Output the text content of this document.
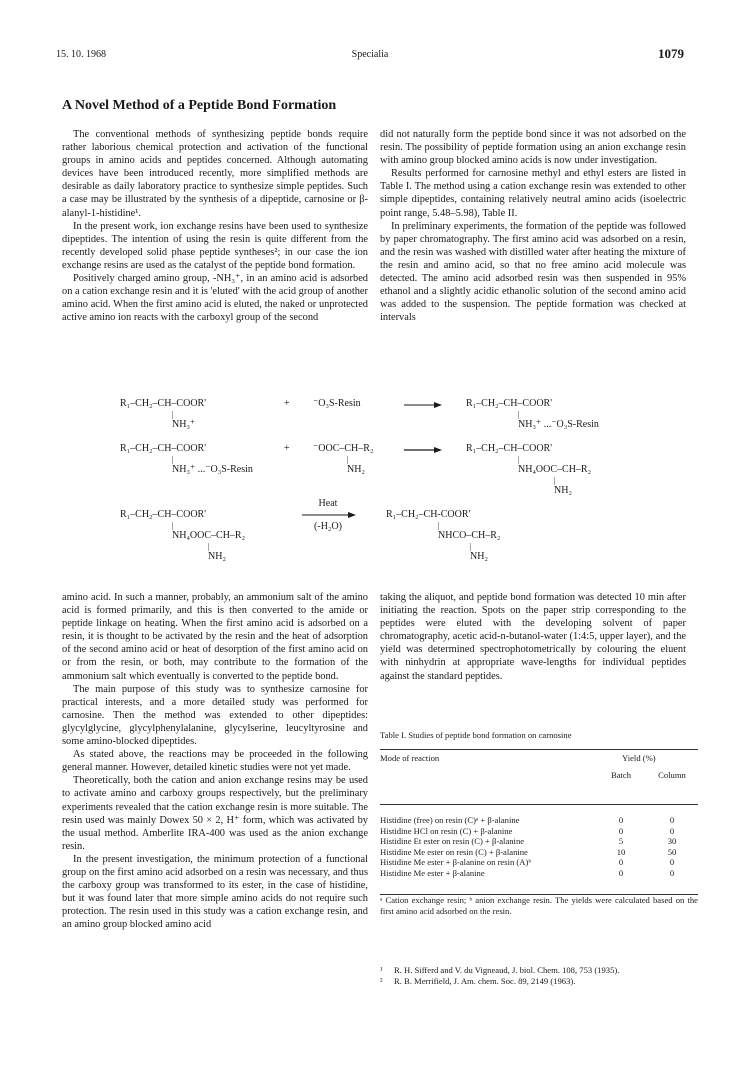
15. 10. 1968	Specialia	1079
A Novel Method of a Peptide Bond Formation

The conventional methods of synthesizing peptide bonds require rather laborious chemical protection and activation of the functional groups in amino acids and peptides concerned. Although automating devices have been introduced recently, more simplified methods are desirable as daily laboratory practice to synthesize simple peptides. Such a case may be illustrated by the synthesis of a dipeptide, carnosine or β-alanyl-1-histidine¹.

In the present work, ion exchange resins have been used to synthesize dipeptides. The intention of using the resin is quite different from the recently developed solid phase peptide syntheses²; in our case the ion exchange resins are used as the catalyst of the peptide bond formation.

Positively charged amino group, -NH₃⁺, in an amino acid is adsorbed on a cation exchange resin and it is 'eluted' with the acid group of another amino acid. When the first amino acid is eluted, the naked or unprotected active amino ion reacts with the carboxyl group of the second

did not naturally form the peptide bond since it was not adsorbed on the resin. The possibility of peptide formation using an anion exchange resin with amino group blocked amino acids is now under investigation.

Results performed for carnosine methyl and ethyl esters are listed in Table I. The method using a cation exchange resin was extended to other simple dipeptides, containing relatively neutral amino acids (isoelectric point range, 5.48–5.98), Table II.

In preliminary experiments, the formation of the peptide was followed by paper chromatography. The first amino acid was adsorbed on a resin, and the resin was washed with distilled water after heating the mixture of the resin and amino acid, so that no free amino acid molecule was detected. The amino acid adsorbed resin was then suspended in 95% ethanol and a slightly acidic ethanolic solution of the second amino acid was added to the suspension. The peptide formation was checked at intervals

R₁–CH₂–CH–COOR'
|
NH₃⁺
+ ⁻O₃S-Resin	R₁–CH₂–CH–COOR'
|
NH₃⁺ ...⁻O₃S-Resin
R₁–CH₂–CH–COOR'
|
NH₃⁺ ...⁻O₃S-Resin
+ ⁻OOC–CH–R₂
|
NH₂
R₁–CH₂–CH–COOR'
|
NH₄OOC–CH–R₂
|
NH₂
R₁–CH₂–CH–COOR'
|
NH₄OOC–CH–R₂
|
NH₂
Heat
(-H₂O)
R₁–CH₂–CH-COOR'
|
NHCO–CH–R₂
|
NH₂

amino acid. In such a manner, probably, an ammonium salt of the amino acid is formed primarily, and this is then converted to the amide or peptide linkage on heating. When the first amino acid is adsorbed on a resin, it is thought to be activated by the resin and the heat of adsorption of the second amino acid or heat of desorption of the first amino acid on or from the resin, or both, may contribute to the formation of the ammonium salt which eventually is converted to the peptide bond.

The main purpose of this study was to synthesize carnosine for practical interests, and a more detailed study was performed for carnosine. Then the method was extended to other dipeptides: glycylglycine, glycylphenylalanine, glycylserine, leucyltyrosine and some amino-blocked dipeptides.

As stated above, the reactions may be proceeded in the following general manner. However, detailed kinetic studies were not yet made.

Theoretically, both the cation and anion exchange resins may be used to activate amino and carboxy groups respectively, but the preliminary experiments revealed that the cation exchange resin is more suitable. The resin used was mainly Dowex 50 × 2, H⁺ form, which was activated by the usual method. Amberlite IRA-400 was used as the anion exchange resin.

In the present investigation, the minimum protection of a functional group on the first amino acid adsorbed on a resin was necessary, and thus the carboxy group was transformed to its ester, in the case of histidine, but it was found later that more simple amino acids do not require such protection. The resin used in this study was a cation exchange resin, and an amino group blocked amino acid

taking the aliquot, and peptide bond formation was detected 10 min after initiating the reaction. Spots on the paper strip corresponding to the peptides were eluted with the developing solvent of paper chromatography, acetic acid-n-butanol-water (1:4:5, upper layer), and the yield was determined spectrophotometrically by colouring the eluent with ninhydrin at appropriate wave-lengths for individual peptides against the standard peptides.

Table I. Studies of peptide bond formation on carnosine
Mode of reaction	Yield (%)
Batch	Column
Histidine (free) on resin (C)ᵃ + β-alanine	0	0
Histidine HCl on resin (C) + β-alanine	0	0
Histidine Et ester on resin (C) + β-alanine	5	30
Histidine Me ester on resin (C) + β-alanine	10	50
Histidine Me ester + β-alanine on resin (A)ᵇ	0	0
Histidine Me ester + β-alanine	0	0
ᵃ Cation exchange resin; ᵇ anion exchange resin. The yields were calculated based on the first amino acid adsorbed on the resin.
¹ R. H. Sifferd and V. du Vigneaud, J. biol. Chem. 108, 753 (1935).
² R. B. Merrifield, J. Am. chem. Soc. 89, 2149 (1963).
